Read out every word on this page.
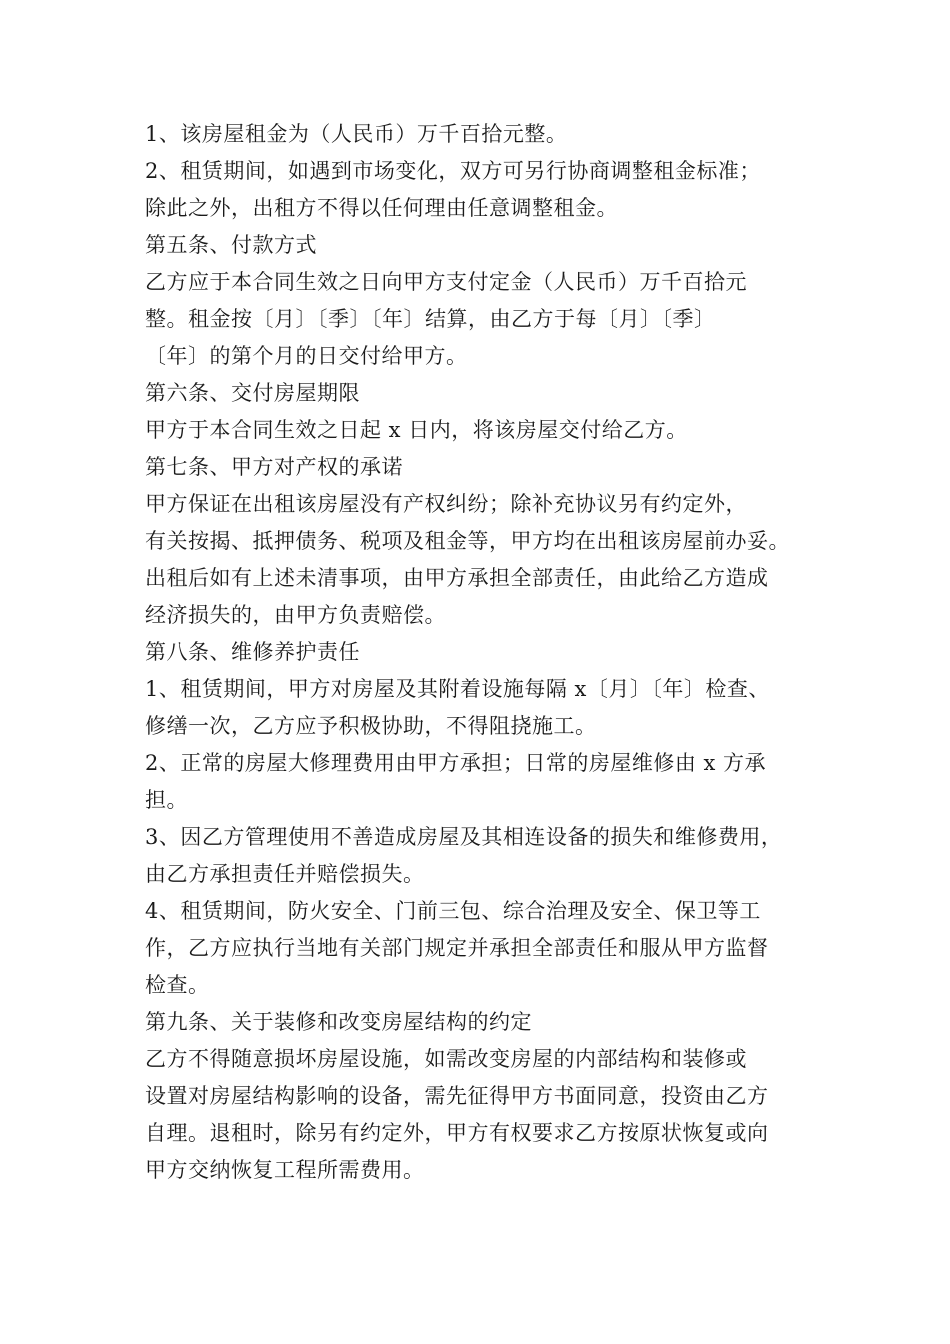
1、该房屋租金为（人民币）万千百拾元整。
2、租赁期间，如遇到市场变化，双方可另行协商调整租金标准；
除此之外，出租方不得以任何理由任意调整租金。
第五条、付款方式
乙方应于本合同生效之日向甲方支付定金（人民币）万千百拾元
整。租金按〔月〕〔季〕〔年〕结算，由乙方于每〔月〕〔季〕
〔年〕的第个月的日交付给甲方。
第六条、交付房屋期限
甲方于本合同生效之日起 x 日内，将该房屋交付给乙方。
第七条、甲方对产权的承诺
甲方保证在出租该房屋没有产权纠纷；除补充协议另有约定外，
有关按揭、抵押债务、税项及租金等，甲方均在出租该房屋前办妥。
出租后如有上述未清事项，由甲方承担全部责任，由此给乙方造成
经济损失的，由甲方负责赔偿。
第八条、维修养护责任
1、租赁期间，甲方对房屋及其附着设施每隔 x〔月〕〔年〕检查、
修缮一次，乙方应予积极协助，不得阻挠施工。
2、正常的房屋大修理费用由甲方承担；日常的房屋维修由 x 方承
担。
3、因乙方管理使用不善造成房屋及其相连设备的损失和维修费用，
由乙方承担责任并赔偿损失。
4、租赁期间，防火安全、门前三包、综合治理及安全、保卫等工
作，乙方应执行当地有关部门规定并承担全部责任和服从甲方监督
检查。
第九条、关于装修和改变房屋结构的约定
乙方不得随意损坏房屋设施，如需改变房屋的内部结构和装修或
设置对房屋结构影响的设备，需先征得甲方书面同意，投资由乙方
自理。退租时，除另有约定外，甲方有权要求乙方按原状恢复或向
甲方交纳恢复工程所需费用。
